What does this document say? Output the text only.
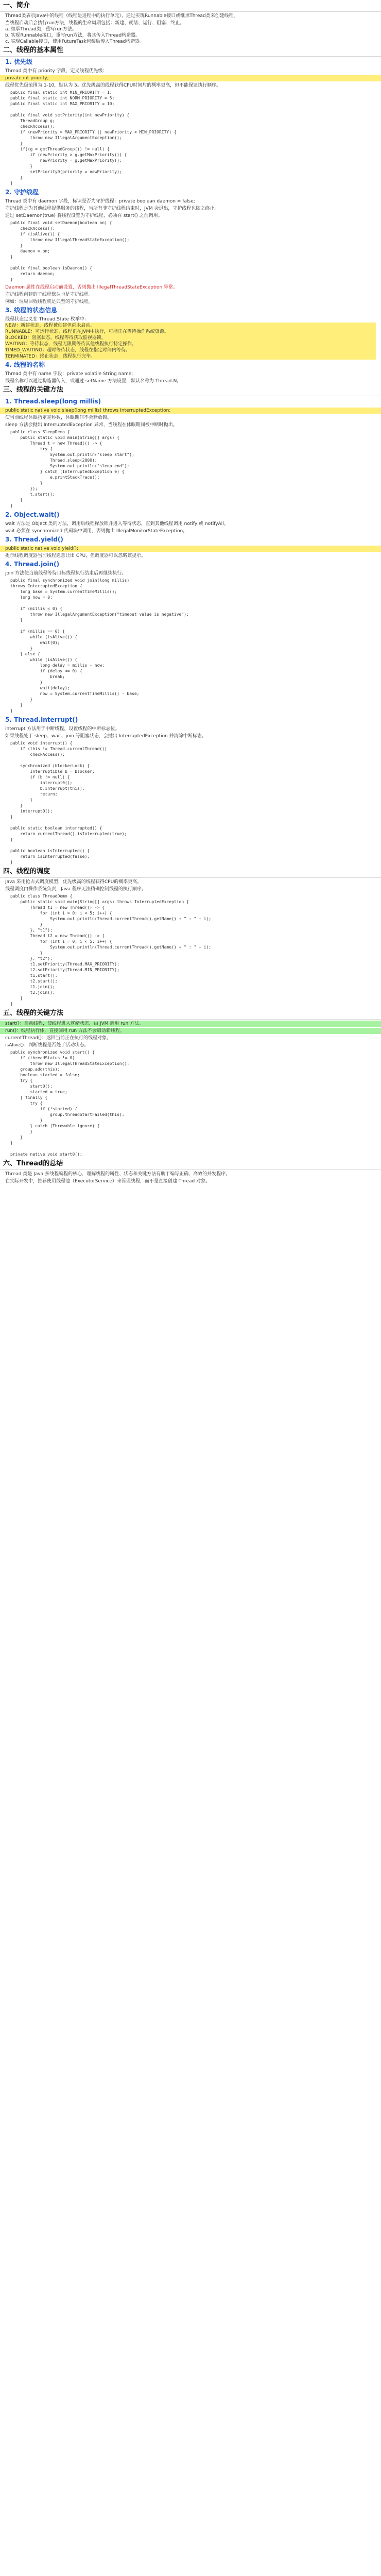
一、简介
Thread类表示Java中的线程（线程是进程中的执行单元），通过实现Runnable接口或继承Thread类来创建线程。
当线程启动后会执行run方法，线程的生命周期包括：新建、就绪、运行、阻塞、终止。
a. 继承Thread类，重写run方法。
b. 实现Runnable接口，重写run方法，将其传入Thread构造器。
c. 实现Callable接口，使用FutureTask包装后传入Thread构造器。
二、线程的基本属性
1. 优先级
Thread 类中有 priority 字段，定义线程优先级：
private int priority;
线程优先级范围为 1-10，默认为 5。优先级高的线程获得CPU时间片的概率更高，但不能保证执行顺序。
public final static int MIN_PRIORITY = 1;
public final static int NORM_PRIORITY = 5;
public final static int MAX_PRIORITY = 10;

public final void setPriority(int newPriority) {
ThreadGroup g;
checkAccess();
if (newPriority > MAX_PRIORITY || newPriority < MIN_PRIORITY) {
throw new IllegalArgumentException();
}
if((g = getThreadGroup()) != null) {
if (newPriority > g.getMaxPriority()) {
newPriority = g.getMaxPriority();
}
setPriority0(priority = newPriority);
}
}
2. 守护线程
Thread 类中有 daemon 字段，标识是否为守护线程：private boolean daemon = false;
守护线程是为其他线程提供服务的线程，当所有非守护线程结束时，JVM 会退出，守护线程也随之终止。
通过 setDaemon(true) 将线程设置为守护线程，必须在 start() 之前调用。
public final void setDaemon(boolean on) {
checkAccess();
if (isAlive()) {
throw new IllegalThreadStateException();
}
daemon = on;
}

public final boolean isDaemon() {
return daemon;
}
Daemon 属性在线程启动前设置，否则抛出 IllegalThreadStateException 异常。
守护线程创建的子线程默认也是守护线程。
例如：垃圾回收线程就是典型的守护线程。
3. 线程的状态信息
线程状态定义在 Thread.State 枚举中：
NEW：新建状态，线程被创建但尚未启动。
RUNNABLE：可运行状态，线程正在JVM中执行，可能正在等待操作系统资源。
BLOCKED：阻塞状态，线程等待获取监视器锁。
WAITING：等待状态，线程无限期等待其他线程执行特定操作。
TIMED_WAITING：超时等待状态，线程在指定时间内等待。
TERMINATED：终止状态，线程执行完毕。
4. 线程的名称
Thread 类中有 name 字段：private volatile String name;
线程名称可以通过构造器传入，或通过 setName 方法设置，默认名称为 Thread-N。
三、线程的关键方法
1. Thread.sleep(long millis)
public static native void sleep(long millis) throws InterruptedException;
使当前线程休眠指定毫秒数，休眠期间不会释放锁。
sleep 方法会抛出 InterruptedException 异常，当线程在休眠期间被中断时抛出。
public class SleepDemo {
public static void main(String[] args) {
Thread t = new Thread(() -> {
try {
System.out.println("sleep start");
Thread.sleep(2000);
System.out.println("sleep end");
} catch (InterruptedException e) {
e.printStackTrace();
}
});
t.start();
}
}
2. Object.wait()
wait 方法是 Object 类的方法，调用后线程释放锁并进入等待状态，直到其他线程调用 notify 或 notifyAll。
wait 必须在 synchronized 代码块中调用，否则抛出 IllegalMonitorStateException。
3. Thread.yield()
public static native void yield();
提示线程调度器当前线程愿意让出 CPU，但调度器可以忽略该提示。
4. Thread.join()
join 方法使当前线程等待目标线程执行结束后再继续执行。
public final synchronized void join(long millis)
throws InterruptedException {
long base = System.currentTimeMillis();
long now = 0;

if (millis < 0) {
throw new IllegalArgumentException("timeout value is negative");
}

if (millis == 0) {
while (isAlive()) {
wait(0);
}
} else {
while (isAlive()) {
long delay = millis - now;
if (delay <= 0) {
break;
}
wait(delay);
now = System.currentTimeMillis() - base;
}
}
}
5. Thread.interrupt()
interrupt 方法用于中断线程，设置线程的中断标志位。
如果线程处于 sleep、wait、join 等阻塞状态，会抛出 InterruptedException 并清除中断标志。
public void interrupt() {
if (this != Thread.currentThread())
checkAccess();

synchronized (blockerLock) {
Interruptible b = blocker;
if (b != null) {
interrupt0();
b.interrupt(this);
return;
}
}
interrupt0();
}

public static boolean interrupted() {
return currentThread().isInterrupted(true);
}

public boolean isInterrupted() {
return isInterrupted(false);
}
四、线程的调度
Java 采用抢占式调度模型，优先级高的线程获得CPU的概率更高。
线程调度由操作系统负责，Java 程序无法精确控制线程的执行顺序。
public class ThreadDemo {
public static void main(String[] args) throws InterruptedException {
Thread t1 = new Thread(() -> {
for (int i = 0; i < 5; i++) {
System.out.println(Thread.currentThread().getName() + " : " + i);
}
}, "t1");
Thread t2 = new Thread(() -> {
for (int i = 0; i < 5; i++) {
System.out.println(Thread.currentThread().getName() + " : " + i);
}
}, "t2");
t1.setPriority(Thread.MAX_PRIORITY);
t2.setPriority(Thread.MIN_PRIORITY);
t1.start();
t2.start();
t1.join();
t2.join();
}
}
五、线程的关键方法
start()：启动线程，使线程进入就绪状态，由 JVM 调用 run 方法。
run()：线程执行体，直接调用 run 方法不会启动新线程。
currentThread()：返回当前正在执行的线程对象。
isAlive()：判断线程是否处于活动状态。
public synchronized void start() {
if (threadStatus != 0)
throw new IllegalThreadStateException();
group.add(this);
boolean started = false;
try {
start0();
started = true;
} finally {
try {
if (!started) {
group.threadStartFailed(this);
}
} catch (Throwable ignore) {
}
}
}

private native void start0();
六、Thread的总结
Thread 类是 Java 多线程编程的核心，理解线程的属性、状态和关键方法有助于编写正确、高效的并发程序。
在实际开发中，推荐使用线程池（ExecutorService）来管理线程，而不是直接创建 Thread 对象。
